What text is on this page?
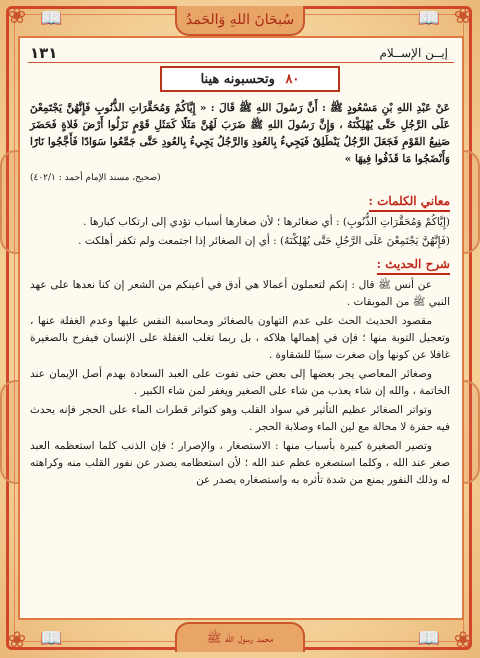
❀	❀
❀	❀
📖	📖
📖	📖
سُبحَانَ اللهِ وَالحَمدُ
محمد رسول الله ﷺ
إيــن الإســلام
١٣١
٨٠ وتحسبونه هينا

عَنْ عَبْدِ اللهِ بْنِ مَسْعُودٍ ﷺ : أَنَّ رَسُولَ اللهِ ﷺ قَالَ : « إِيَّاكُمْ وَمُحَقَّرَاتِ الذُّنُوبِ فَإِنَّهُنَّ يَجْتَمِعْنَ عَلَى الرَّجُلِ حَتَّى يُهْلِكْنَهُ ، وَإِنَّ رَسُولَ اللهِ ﷺ ضَرَبَ لَهُنَّ مَثَلًا كَمَثَلِ قَوْمٍ نَزَلُوا أَرْضَ فَلاةٍ فَحَضَرَ صَنِيعُ القَوْمِ فَجَعَلَ الرَّجُلُ يَنْطَلِقُ فَيَجِيءُ بِالعُودِ وَالرَّجُلُ يَجِيءُ بِالعُودِ حَتَّى جَمَّعُوا سَوَادًا فَأَجَّجُوا نَارًا وَأَنْضَجُوا مَا قَذَفُوا فِيهَا »

(صحيح، مسند الإمام أحمد : ٤٠٢/١)

معاني الكلمات :

(إِيَّاكُمْ وَمُحَقَّرَاتِ الذُّنُوبِ) : أي صغائرها ؛ لأن صغارها أسباب تؤدي إلى ارتكاب كبارها .

(فَإِنَّهُنَّ يَجْتَمِعْنَ عَلَى الرَّجُلِ حَتَّى يُهْلِكْنَهُ) : أي إن الصغائر إذا اجتمعت ولم تكفر أهلكت .

شرح الحديث :

عن أنس ﷺ قال : إنكم لتعملون أعمالا هي أدق في أعينكم من الشعر إن كنا نعدها على عهد النبي ﷺ من الموبقات .

مقصود الحديث الحث على عدم التهاون بالصغائر ومحاسبة النفس عليها وعدم الغفلة عنها ، وتعجيل التوبة منها ؛ فإن في إهمالها هلاكه ، بل ربما تغلب الغفلة على الإنسان فيفرح بالصغيرة غافلا عن كونها وإن صغرت سببًا للشقاوة .

وصغائر المعاصي يجر بعضها إلى بعض حتى تفوت على العبد السعادة بهدم أصل الإيمان عند الخاتمة ، والله إن شاء يعذب من شاء على الصغير ويغفر لمن شاء الكبير .

وتواتر الصغائر عظيم التأثير في سواد القلب وهو كتواتر قطرات الماء على الحجر فإنه يحدث فيه حفرة لا محالة مع لين الماء وصلابة الحجر .

وتصير الصغيرة كبيرة بأسباب منها : الاستصغار ، والإصرار ؛ فإن الذنب كلما استعظمه العبد صغر عند الله ، وكلما استصغره عظم عند الله ؛ لأن استعظامه يصدر عن نفور القلب منه وكراهته له وذلك النفور يمنع من شدة تأثره به واستصغاره يصدر عن
